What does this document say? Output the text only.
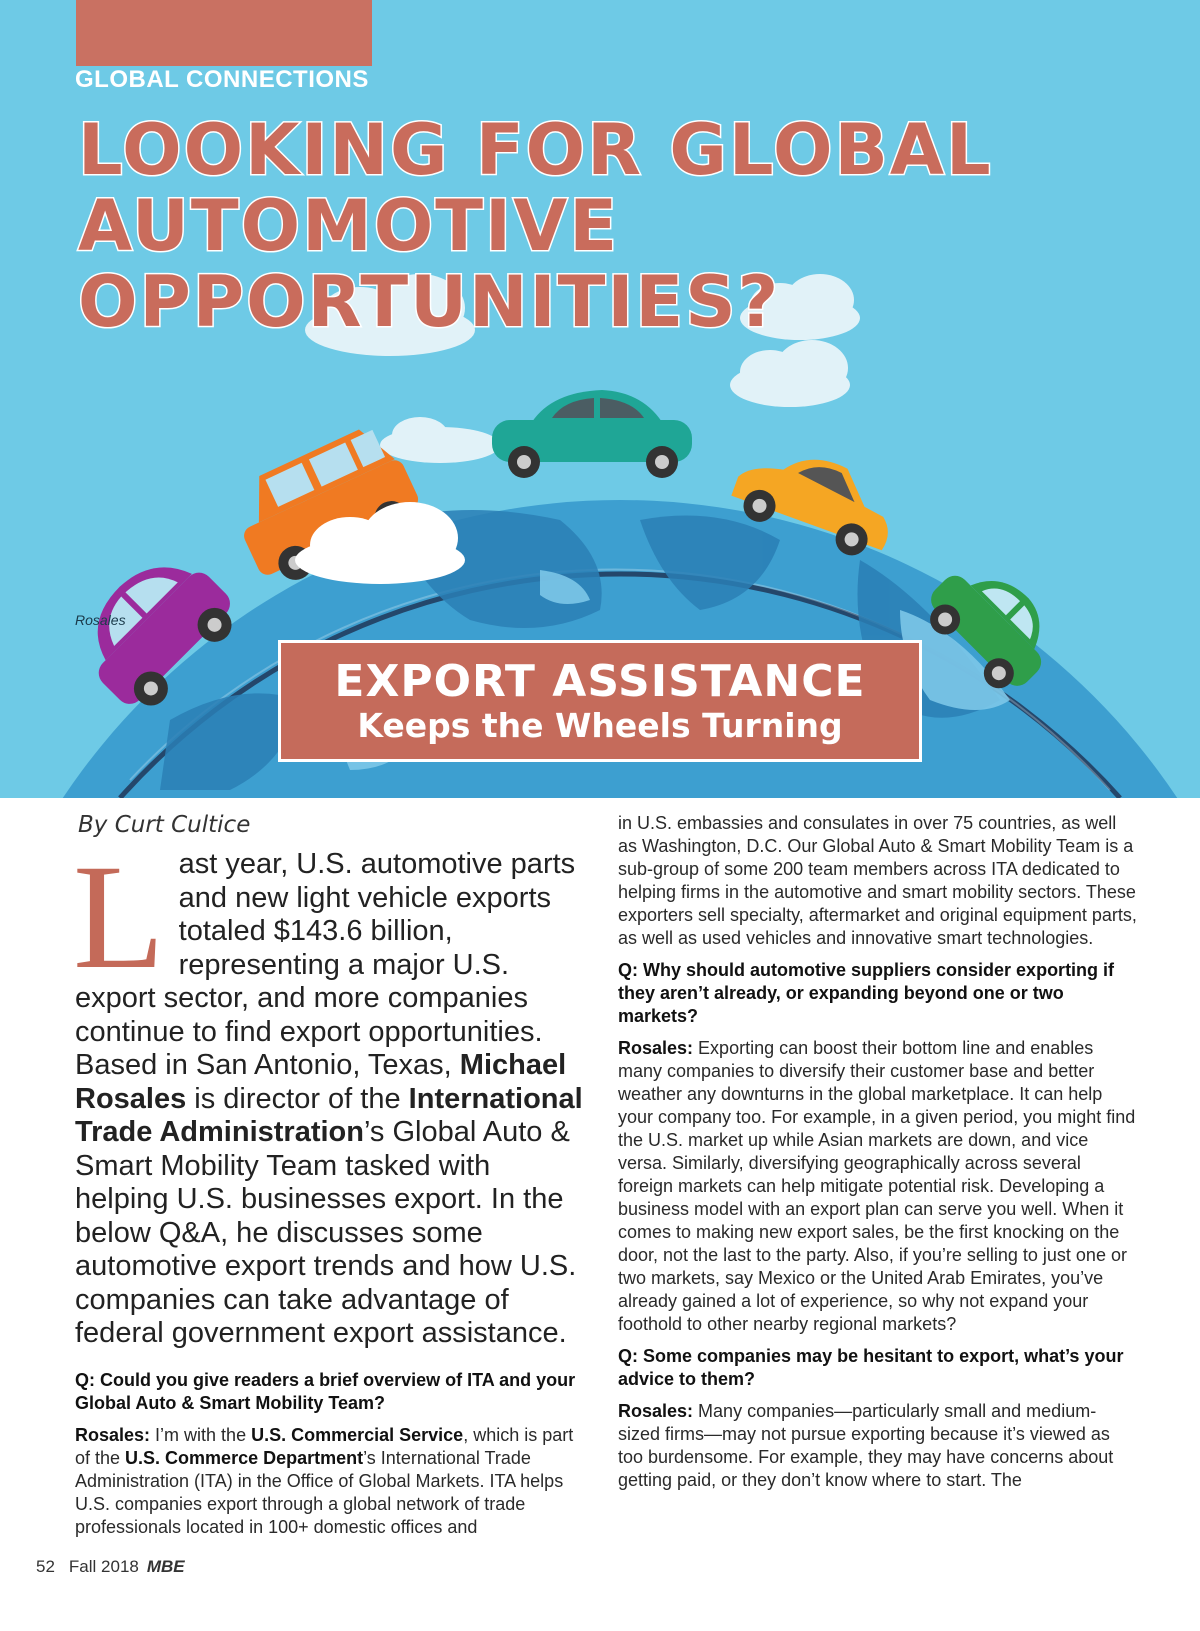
GLOBAL CONNECTIONS
LOOKING FOR GLOBAL
AUTOMOTIVE
OPPORTUNITIES?
Rosales
EXPORT ASSISTANCE
Keeps the Wheels Turning
By Curt Cultice
Last year, U.S. automotive parts and new light vehicle exports totaled $143.6 billion, representing a major U.S. export sector, and more companies continue to find export opportunities. Based in San Antonio, Texas, Michael Rosales is director of the International Trade Administration’s Global Auto & Smart Mobility Team tasked with helping U.S. businesses export. In the below Q&A, he discusses some automotive export trends and how U.S. companies can take advantage of federal government export assistance.
Q: Could you give readers a brief overview of ITA and your Global Auto & Smart Mobility Team?
Rosales: I’m with the U.S. Commercial Service, which is part of the U.S. Commerce Department’s International Trade Administration (ITA) in the Office of Global Markets. ITA helps U.S. companies export through a global network of trade professionals located in 100+ domestic offices and
in U.S. embassies and consulates in over 75 countries, as well as Washington, D.C. Our Global Auto & Smart Mobility Team is a sub-group of some 200 team members across ITA dedicated to helping firms in the automotive and smart mobility sectors. These exporters sell specialty, aftermarket and original equipment parts, as well as used vehicles and innovative smart technologies.
Q: Why should automotive suppliers consider exporting if they aren’t already, or expanding beyond one or two markets?
Rosales: Exporting can boost their bottom line and enables many companies to diversify their customer base and better weather any downturns in the global marketplace. It can help your company too. For example, in a given period, you might find the U.S. market up while Asian markets are down, and vice versa. Similarly, diversifying geographically across several foreign markets can help mitigate potential risk. Developing a business model with an export plan can serve you well. When it comes to making new export sales, be the first knocking on the door, not the last to the party. Also, if you’re selling to just one or two markets, say Mexico or the United Arab Emirates, you’ve already gained a lot of experience, so why not expand your foothold to other nearby regional markets?
Q: Some companies may be hesitant to export, what’s your advice to them?
Rosales: Many companies—particularly small and medium-sized firms—may not pursue exporting because it’s viewed as too burdensome. For example, they may have concerns about getting paid, or they don’t know where to start. The
52 Fall 2018 MBE
